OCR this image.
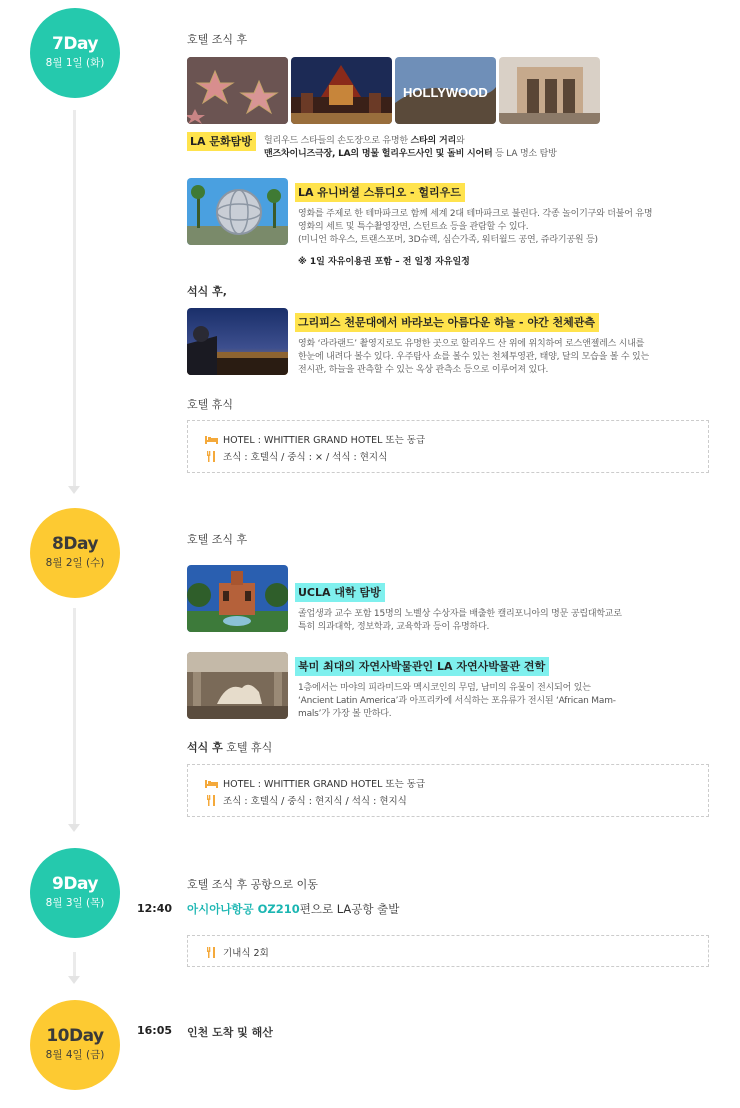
7Day
8월 1일 (화)
8Day
8월 2일 (수)
9Day
8월 3일 (목)
10Day
8월 4일 (금)
호텔 조식 후
HOLLYWOOD
LA 문화탐방	헐리우드 스타들의 손도장으로 유명한 스타의 거리와
맨즈차이니즈극장, LA의 명물 헐리우드사인 및 돌비 시어터 등 LA 명소 탐방
LA 유니버셜 스튜디오 - 헐리우드
영화를 주제로 한 테마파크로 함께 세계 2대 테마파크로 불린다. 각종 놀이기구와 더불어 유명
영화의 세트 및 특수촬영장면, 스턴트쇼 등을 관람할 수 있다.
(미니언 하우스, 트랜스포머, 3D슈렉, 심슨가족, 워터월드 공연, 쥬라기공원 등)
※ 1일 자유이용권 포함 – 전 일정 자유일정
석식 후,
그리피스 천문대에서 바라보는 아름다운 하늘 - 야간 천체관측
영화 ‘라라랜드’ 촬영지로도 유명한 곳으로 할리우드 산 위에 위치하여 로스앤젤레스 시내를
한눈에 내려다 볼수 있다. 우주탐사 쇼를 볼수 있는 천체투영관, 태양, 달의 모습을 볼 수 있는
전시관, 하늘을 관측할 수 있는 옥상 관측소 등으로 이루어져 있다.
호텔 휴식
HOTEL : WHITTIER GRAND HOTEL 또는 동급
조식 : 호텔식 / 중식 : × / 석식 : 현지식
호텔 조식 후
UCLA 대학 탐방
졸업생과 교수 포함 15명의 노벨상 수상자를 배출한 캘리포니아의 명문 공립대학교로
특히 의과대학, 정보학과, 교육학과 등이 유명하다.
북미 최대의 자연사박물관인 LA 자연사박물관 견학
1층에서는 마야의 피라미드와 멕시코인의 무덤, 남미의 유물이 전시되어 있는
‘Ancient Latin America’과 아프리카에 서식하는 포유류가 전시된 ‘African Mam-
mals’가 가장 볼 만하다.
석식 후 호텔 휴식
HOTEL : WHITTIER GRAND HOTEL 또는 동급
조식 : 호텔식 / 중식 : 현지식 / 석식 : 현지식
호텔 조식 후 공항으로 이동
12:40 아시아나항공 OZ210편으로 LA공항 출발
기내식 2회
16:05 인천 도착 및 해산
